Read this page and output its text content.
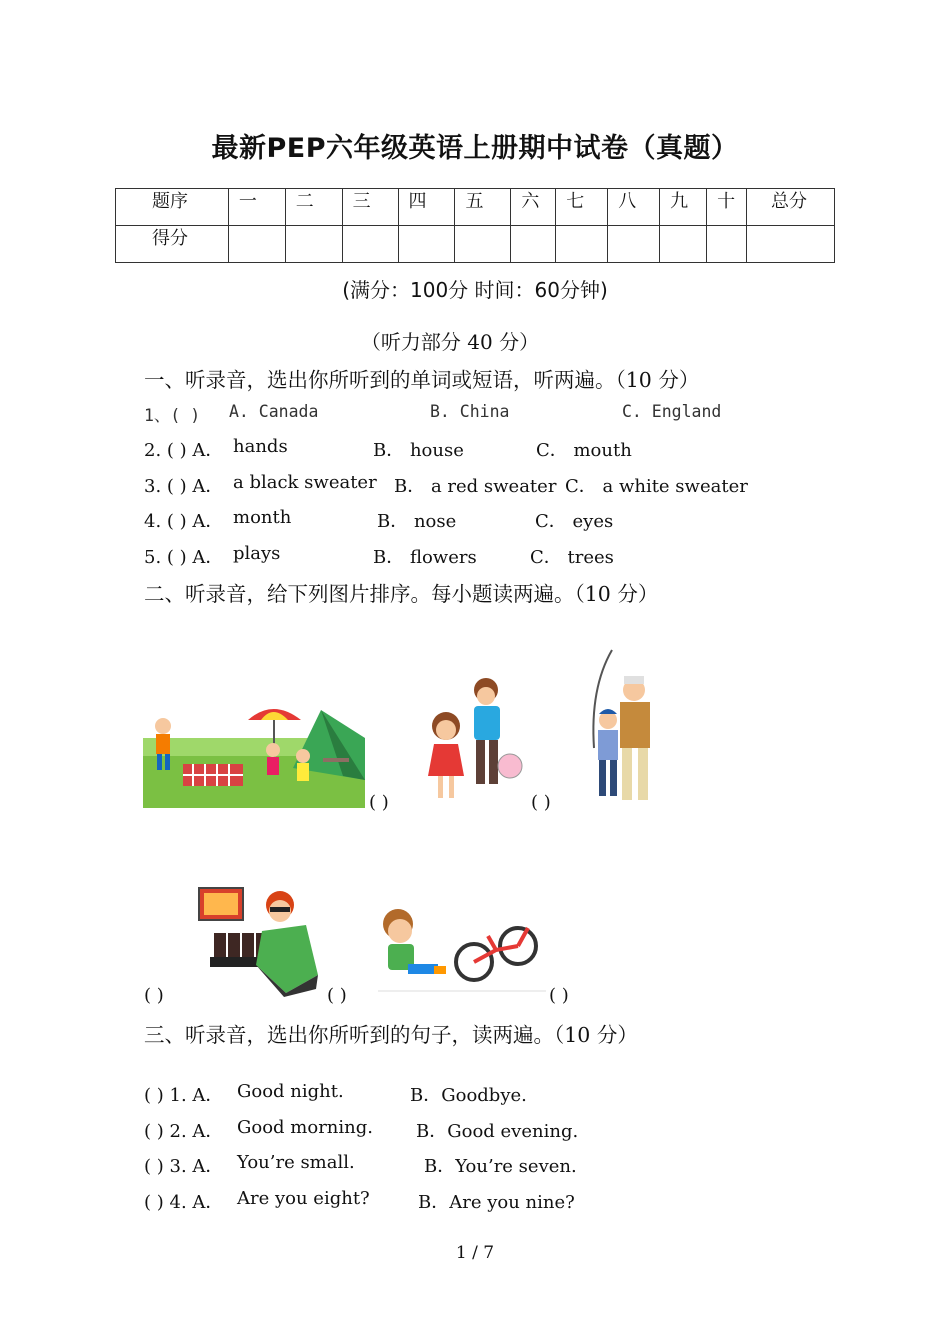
最新PEP六年级英语上册期中试卷（真题）
题序	一	二	三	四	五	六	七	八	九	十	总分
得分											
(满分：100分 时间：60分钟)
（听力部分 40 分）
一、听录音，选出你所听到的单词或短语，听两遍。（10 分）
1、( ) A. Canada	B. China	C. England
2. ( ) A． hands	B． house	C． mouth
3. ( ) A． a black sweater B． a red sweater C． a white sweater
4. ( ) A． month	B． nose	C． eyes
5. ( ) A． plays	B． flowers	C． trees
二、听录音，给下列图片排序。每小题读两遍。（10 分）
( )	( )
( )	( )	( )
三、听录音，选出你所听到的句子，读两遍。（10 分）
( ) 1. A． Good night.	B．Goodbye.
( ) 2. A． Good morning. B．Good evening.
( ) 3. A． You’re small.	B．You’re seven.
( ) 4. A． Are you eight?	B．Are you nine?
1 / 7
